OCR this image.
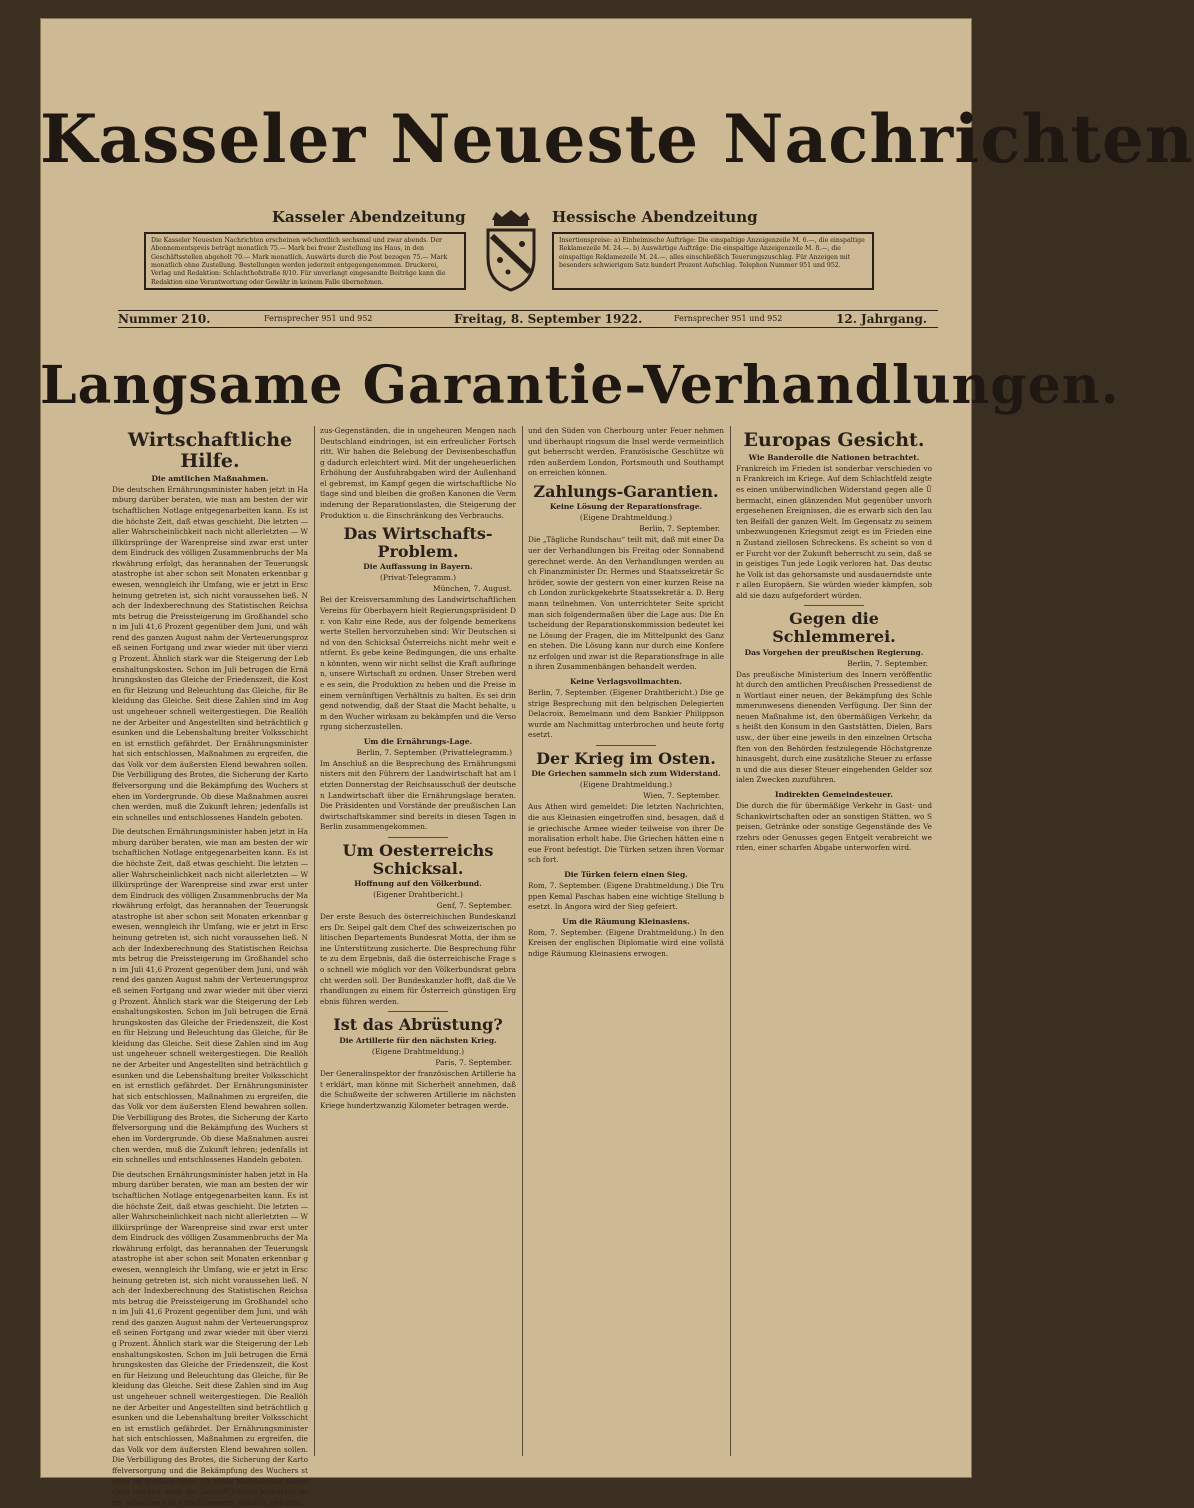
Kasseler Neueste Nachrichten
Kasseler Abendzeitung	Hessische Abendzeitung
Die Kasseler Neuesten Nachrichten erscheinen wöchentlich sechsmal und zwar abends. Der Abonnementspreis beträgt monatlich 75.— Mark bei freier Zustellung ins Haus, in den Geschäftsstellen abgeholt 70.— Mark monatlich. Auswärts durch die Post bezogen 75.— Mark monatlich ohne Zustellung. Bestellungen werden jederzeit entgegengenommen. Druckerei, Verlag und Redaktion: Schlachthofstraße 8/10. Für unverlangt eingesandte Beiträge kann die Redaktion eine Verantwortung oder Gewähr in keinem Falle übernehmen.
Insertionspreise: a) Einheimische Aufträge: Die einspaltige Anzeigenzeile M. 6.—, die einspaltige Reklamezeile M. 24.—. b) Auswärtige Aufträge: Die einspaltige Anzeigenzeile M. 8.—, die einspaltige Reklamezeile M. 24.—, alles einschließlich Teuerungszuschlag. Für Anzeigen mit besonders schwierigem Satz hundert Prozent Aufschlag. Telephon Nummer 951 und 952.
Nummer 210.	Fernsprecher 951 und 952	Freitag, 8. September 1922.	Fernsprecher 951 und 952	12. Jahrgang.
Langsame Garantie-Verhandlungen.
Wirtschaftliche Hilfe.
Die amtlichen Maßnahmen.

Die deutschen Ernährungsminister haben jetzt in Hamburg darüber beraten, wie man am besten der wirtschaftlichen Notlage entgegenarbeiten kann. Es ist die höchste Zeit, daß etwas geschieht. Die letzten — aller Wahrscheinlichkeit nach nicht allerletzten — Willkürsprünge der Warenpreise sind zwar erst unter dem Eindruck des völligen Zusammenbruchs der Markwährung erfolgt, das herannahen der Teuerungskatastrophe ist aber schon seit Monaten erkennbar gewesen, wenngleich ihr Umfang, wie er jetzt in Erscheinung getreten ist, sich nicht voraussehen ließ. Nach der Indexberechnung des Statistischen Reichsamts betrug die Preissteigerung im Großhandel schon im Juli 41,6 Prozent gegenüber dem Juni, und während des ganzen August nahm der Verteuerungsprozeß seinen Fortgang und zwar wieder mit über vierzig Prozent. Ähnlich stark war die Steigerung der Lebenshaltungskosten. Schon im Juli betrugen die Ernährungskosten das Gleiche der Friedenszeit, die Kosten für Heizung und Beleuchtung das Gleiche, für Bekleidung das Gleiche. Seit diese Zahlen sind im August ungeheuer schnell weitergestiegen. Die Reallöhne der Arbeiter und Angestellten sind beträchtlich gesunken und die Lebenshaltung breiter Volksschichten ist ernstlich gefährdet. Der Ernährungsminister hat sich entschlossen, Maßnahmen zu ergreifen, die das Volk vor dem äußersten Elend bewahren sollen. Die Verbilligung des Brotes, die Sicherung der Kartoffelversorgung und die Bekämpfung des Wuchers stehen im Vordergrunde. Ob diese Maßnahmen ausreichen werden, muß die Zukunft lehren; jedenfalls ist ein schnelles und entschlossenes Handeln geboten.

Die deutschen Ernährungsminister haben jetzt in Hamburg darüber beraten, wie man am besten der wirtschaftlichen Notlage entgegenarbeiten kann. Es ist die höchste Zeit, daß etwas geschieht. Die letzten — aller Wahrscheinlichkeit nach nicht allerletzten — Willkürsprünge der Warenpreise sind zwar erst unter dem Eindruck des völligen Zusammenbruchs der Markwährung erfolgt, das herannahen der Teuerungskatastrophe ist aber schon seit Monaten erkennbar gewesen, wenngleich ihr Umfang, wie er jetzt in Erscheinung getreten ist, sich nicht voraussehen ließ. Nach der Indexberechnung des Statistischen Reichsamts betrug die Preissteigerung im Großhandel schon im Juli 41,6 Prozent gegenüber dem Juni, und während des ganzen August nahm der Verteuerungsprozeß seinen Fortgang und zwar wieder mit über vierzig Prozent. Ähnlich stark war die Steigerung der Lebenshaltungskosten. Schon im Juli betrugen die Ernährungskosten das Gleiche der Friedenszeit, die Kosten für Heizung und Beleuchtung das Gleiche, für Bekleidung das Gleiche. Seit diese Zahlen sind im August ungeheuer schnell weitergestiegen. Die Reallöhne der Arbeiter und Angestellten sind beträchtlich gesunken und die Lebenshaltung breiter Volksschichten ist ernstlich gefährdet. Der Ernährungsminister hat sich entschlossen, Maßnahmen zu ergreifen, die das Volk vor dem äußersten Elend bewahren sollen. Die Verbilligung des Brotes, die Sicherung der Kartoffelversorgung und die Bekämpfung des Wuchers stehen im Vordergrunde. Ob diese Maßnahmen ausreichen werden, muß die Zukunft lehren; jedenfalls ist ein schnelles und entschlossenes Handeln geboten.

Die deutschen Ernährungsminister haben jetzt in Hamburg darüber beraten, wie man am besten der wirtschaftlichen Notlage entgegenarbeiten kann. Es ist die höchste Zeit, daß etwas geschieht. Die letzten — aller Wahrscheinlichkeit nach nicht allerletzten — Willkürsprünge der Warenpreise sind zwar erst unter dem Eindruck des völligen Zusammenbruchs der Markwährung erfolgt, das herannahen der Teuerungskatastrophe ist aber schon seit Monaten erkennbar gewesen, wenngleich ihr Umfang, wie er jetzt in Erscheinung getreten ist, sich nicht voraussehen ließ. Nach der Indexberechnung des Statistischen Reichsamts betrug die Preissteigerung im Großhandel schon im Juli 41,6 Prozent gegenüber dem Juni, und während des ganzen August nahm der Verteuerungsprozeß seinen Fortgang und zwar wieder mit über vierzig Prozent. Ähnlich stark war die Steigerung der Lebenshaltungskosten. Schon im Juli betrugen die Ernährungskosten das Gleiche der Friedenszeit, die Kosten für Heizung und Beleuchtung das Gleiche, für Bekleidung das Gleiche. Seit diese Zahlen sind im August ungeheuer schnell weitergestiegen. Die Reallöhne der Arbeiter und Angestellten sind beträchtlich gesunken und die Lebenshaltung breiter Volksschichten ist ernstlich gefährdet. Der Ernährungsminister hat sich entschlossen, Maßnahmen zu ergreifen, die das Volk vor dem äußersten Elend bewahren sollen. Die Verbilligung des Brotes, die Sicherung der Kartoffelversorgung und die Bekämpfung des Wuchers stehen im Vordergrunde. Ob diese Maßnahmen ausreichen werden, muß die Zukunft lehren; jedenfalls ist ein schnelles und entschlossenes Handeln geboten.

zus-Gegenständen, die in ungeheuren Mengen nach Deutschland eindringen, ist ein erfreulicher Fortschritt. Wir haben die Belebung der Devisenbeschaffung dadurch erleichtert wird. Mit der ungeheuerlichen Erhöhung der Ausfuhrabgaben wird der Außenhandel gebremst, im Kampf gegen die wirtschaftliche Notlage sind und bleiben die großen Kanonen die Verminderung der Reparationslasten, die Steigerung der Produktion u. die Einschränkung des Verbrauchs.

Das Wirtschafts-Problem.
Die Auffassung in Bayern.
(Privat-Telegramm.)
München, 7. August.

Bei der Kreisversammlung des Landwirtschaftlichen Vereins für Oberbayern hielt Regierungspräsident Dr. von Kahr eine Rede, aus der folgende bemerkenswerte Stellen hervorzuheben sind: Wir Deutschen sind von den Schicksal Österreichs nicht mehr weit entfernt. Es gebe keine Bedingungen, die uns erhalten könnten, wenn wir nicht selbst die Kraft aufbringen, unsere Wirtschaft zu ordnen. Unser Streben werde es sein, die Produktion zu heben und die Preise in einem vernünftigen Verhältnis zu halten. Es sei dringend notwendig, daß der Staat die Macht behalte, um den Wucher wirksam zu bekämpfen und die Versorgung sicherzustellen.

Um die Ernährungs-Lage.
Berlin, 7. September. (Privattelegramm.)

Im Anschluß an die Besprechung des Ernährungsministers mit den Führern der Landwirtschaft hat am letzten Donnerstag der Reichsausschuß der deutschen Landwirtschaft über die Ernährungslage beraten. Die Präsidenten und Vorstände der preußischen Landwirtschaftskammer sind bereits in diesen Tagen in Berlin zusammengekommen.

Um Oesterreichs Schicksal.
Hoffnung auf den Völkerbund.
(Eigener Drahtbericht.)
Genf, 7. September.

Der erste Besuch des österreichischen Bundeskanzlers Dr. Seipel galt dem Chef des schweizerischen politischen Departements Bundesrat Motta, der ihm seine Unterstützung zusicherte. Die Besprechung führte zu dem Ergebnis, daß die österreichische Frage so schnell wie möglich vor den Völkerbundsrat gebracht werden soll. Der Bundeskanzler hofft, daß die Verhandlungen zu einem für Österreich günstigen Ergebnis führen werden.

Ist das Abrüstung?
Die Artillerie für den nächsten Krieg.
(Eigene Drahtmeldung.)
Paris, 7. September.

Der Generalinspektor der französischen Artillerie hat erklärt, man könne mit Sicherheit annehmen, daß die Schußweite der schweren Artillerie im nächsten Kriege hundertzwanzig Kilometer betragen werde.

und den Süden von Cherbourg unter Feuer nehmen und überhaupt ringsum die Insel werde vermeintlich gut beherrscht werden. Französische Geschütze würden außerdem London, Portsmouth und Southampton erreichen können.

Zahlungs-Garantien.
Keine Lösung der Reparationsfrage.
(Eigene Drahtmeldung.)
Berlin, 7. September.

Die „Tägliche Rundschau“ teilt mit, daß mit einer Dauer der Verhandlungen bis Freitag oder Sonnabend gerechnet werde. An den Verhandlungen werden auch Finanzminister Dr. Hermes und Staatssekretär Schröder, sowie der gestern von einer kurzen Reise nach London zurückgekehrte Staatssekretär a. D. Bergmann teilnehmen. Von unterrichteter Seite spricht man sich folgendermaßen über die Lage aus: Die Entscheidung der Reparationskommission bedeutet keine Lösung der Fragen, die im Mittelpunkt des Ganzen stehen. Die Lösung kann nur durch eine Konferenz erfolgen und zwar ist die Reparationsfrage in allen ihren Zusammenhängen behandelt werden.

Keine Verlagsvollmachten.

Berlin, 7. September. (Eigener Drahtbericht.) Die gestrige Besprechung mit den belgischen Delegierten Delacroix, Bemelmann und dem Bankier Philippson wurde am Nachmittag unterbrochen und heute fortgesetzt.

Der Krieg im Osten.
Die Griechen sammeln sich zum Widerstand.
(Eigene Drahtmeldung.)
Wien, 7. September.

Aus Athen wird gemeldet: Die letzten Nachrichten, die aus Kleinasien eingetroffen sind, besagen, daß die griechische Armee wieder teilweise von ihrer Demoralisation erholt habe. Die Griechen hätten eine neue Front befestigt. Die Türken setzen ihren Vormarsch fort.

Die Türken feiern einen Sieg.

Rom, 7. September. (Eigene Drahtmeldung.) Die Truppen Kemal Paschas haben eine wichtige Stellung besetzt. In Angora wird der Sieg gefeiert.

Um die Räumung Kleinasiens.

Rom, 7. September. (Eigene Drahtmeldung.) In den Kreisen der englischen Diplomatie wird eine vollständige Räumung Kleinasiens erwogen.

Europas Gesicht.
Wie Banderolle die Nationen betrachtet.

Frankreich im Frieden ist sonderbar verschieden von Frankreich im Kriege. Auf dem Schlachtfeld zeigte es einen unüberwindlichen Widerstand gegen alle Übermacht, einen glänzenden Mut gegenüber unvorhergesehenen Ereignissen, die es erwarb sich den lauten Beifall der ganzen Welt. Im Gegensatz zu seinem unbezwungenen Kriegsmut zeigt es im Frieden einen Zustand ziellosen Schreckens. Es scheint so von der Furcht vor der Zukunft beherrscht zu sein, daß sein geistiges Tun jede Logik verloren hat. Das deutsche Volk ist das gehorsamste und ausdauerndste unter allen Europäern. Sie würden wieder kämpfen, sobald sie dazu aufgefordert würden.

Gegen die Schlemmerei.
Das Vorgehen der preußischen Regierung.
Berlin, 7. September.

Das preußische Ministerium des Innern veröffentlicht durch den amtlichen Preußischen Pressedienst den Wortlaut einer neuen, der Bekämpfung des Schlemmerunwesens dienenden Verfügung. Der Sinn der neuen Maßnahme ist, den übermäßigen Verkehr, das heißt den Konsum in den Gaststätten, Dielen, Bars usw., der über eine jeweils in den einzelnen Ortschaften von den Behörden festzulegende Höchstgrenze hinausgeht, durch eine zusätzliche Steuer zu erfassen und die aus dieser Steuer eingehenden Gelder sozialen Zwecken zuzuführen.

Indirekten Gemeindesteuer.

Die durch die für übermäßige Verkehr in Gast- und Schankwirtschaften oder an sonstigen Stätten, wo Speisen, Getränke oder sonstige Gegenstände des Verzehrs oder Genusses gegen Entgelt verabreicht werden, einer scharfen Abgabe unterworfen wird.
